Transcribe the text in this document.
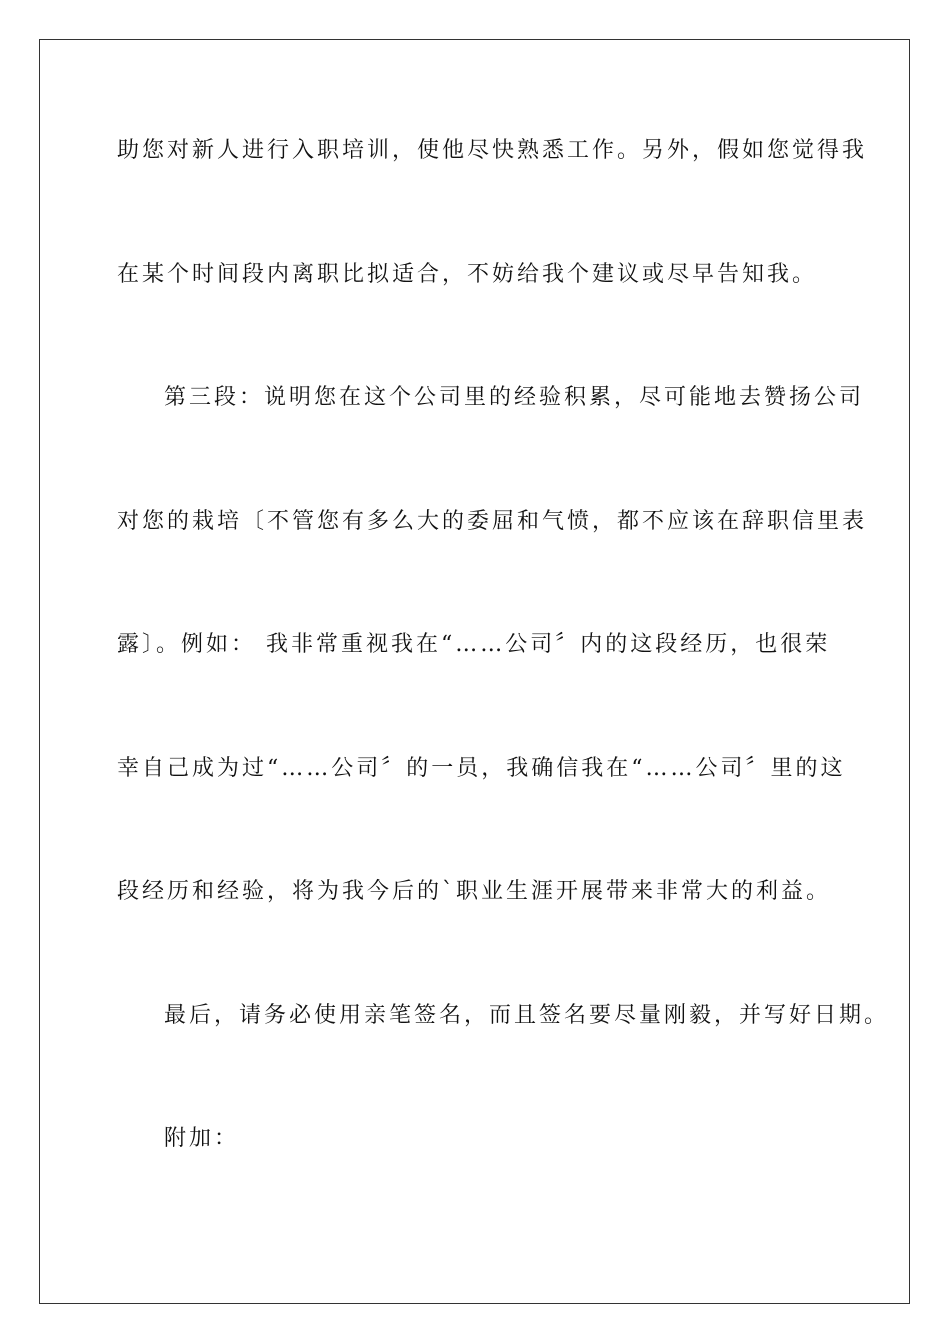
助您对新人进行入职培训，使他尽快熟悉工作。另外，假如您觉得我

在某个时间段内离职比拟适合，不妨给我个建议或尽早告知我。

第三段：说明您在这个公司里的经验积累，尽可能地去赞扬公司

对您的栽培〔不管您有多么大的委屈和气愤，都不应该在辞职信里表

露〕。例如： 我非常重视我在“……公司〞内的这段经历，也很荣

幸自己成为过“……公司〞的一员，我确信我在“……公司〞里的这

段经历和经验，将为我今后的`职业生涯开展带来非常大的利益。

最后，请务必使用亲笔签名，而且签名要尽量刚毅，并写好日期。

附加：
